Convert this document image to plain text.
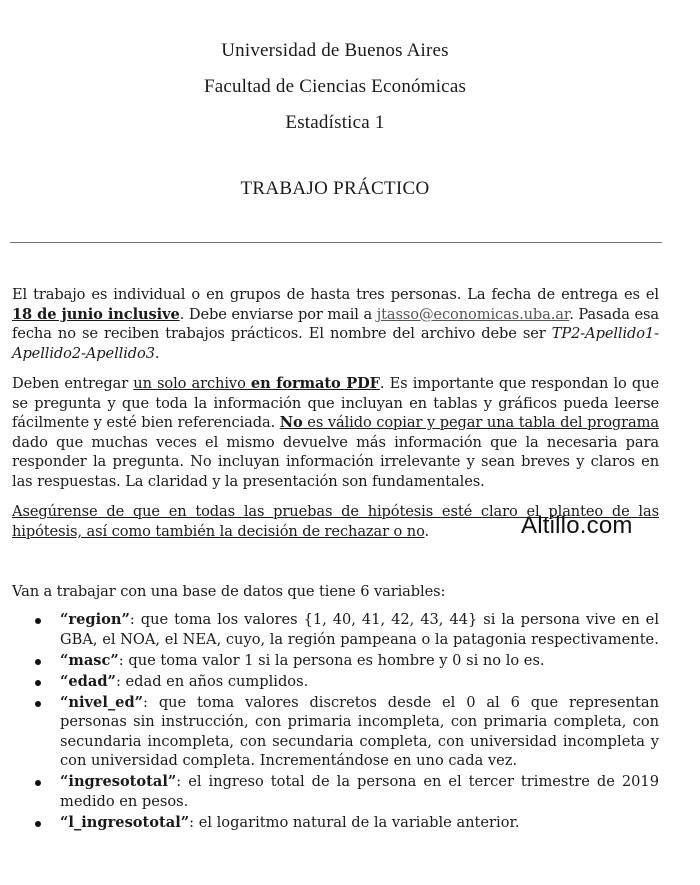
Universidad de Buenos Aires
Facultad de Ciencias Económicas
Estadística 1
TRABAJO PRÁCTICO
El trabajo es individual o en grupos de hasta tres personas. La fecha de entrega es el 18 de junio inclusive. Debe enviarse por mail a jtasso@economicas.uba.ar. Pasada esa fecha no se reciben trabajos prácticos. El nombre del archivo debe ser TP2-Apellido1-Apellido2-Apellido3.
Deben entregar un solo archivo en formato PDF. Es importante que respondan lo que se pregunta y que toda la información que incluyan en tablas y gráficos pueda leerse fácilmente y esté bien referenciada. No es válido copiar y pegar una tabla del programa dado que muchas veces el mismo devuelve más información que la necesaria para responder la pregunta. No incluyan información irrelevante y sean breves y claros en las respuestas. La claridad y la presentación son fundamentales.
Asegúrense de que en todas las pruebas de hipótesis esté claro el planteo de las hipótesis, así como también la decisión de rechazar o no.	Altillo.com
Van a trabajar con una base de datos que tiene 6 variables:
“region”: que toma los valores {1, 40, 41, 42, 43, 44} si la persona vive en el GBA, el NOA, el NEA, cuyo, la región pampeana o la patagonia respectivamente.
“masc”: que toma valor 1 si la persona es hombre y 0 si no lo es.
“edad”: edad en años cumplidos.
“nivel_ed”: que toma valores discretos desde el 0 al 6 que representan personas sin instrucción, con primaria incompleta, con primaria completa, con secundaria incompleta, con secundaria completa, con universidad incompleta y con universidad completa. Incrementándose en uno cada vez.
“ingresototal”: el ingreso total de la persona en el tercer trimestre de 2019 medido en pesos.
“l_ingresototal”: el logaritmo natural de la variable anterior.
